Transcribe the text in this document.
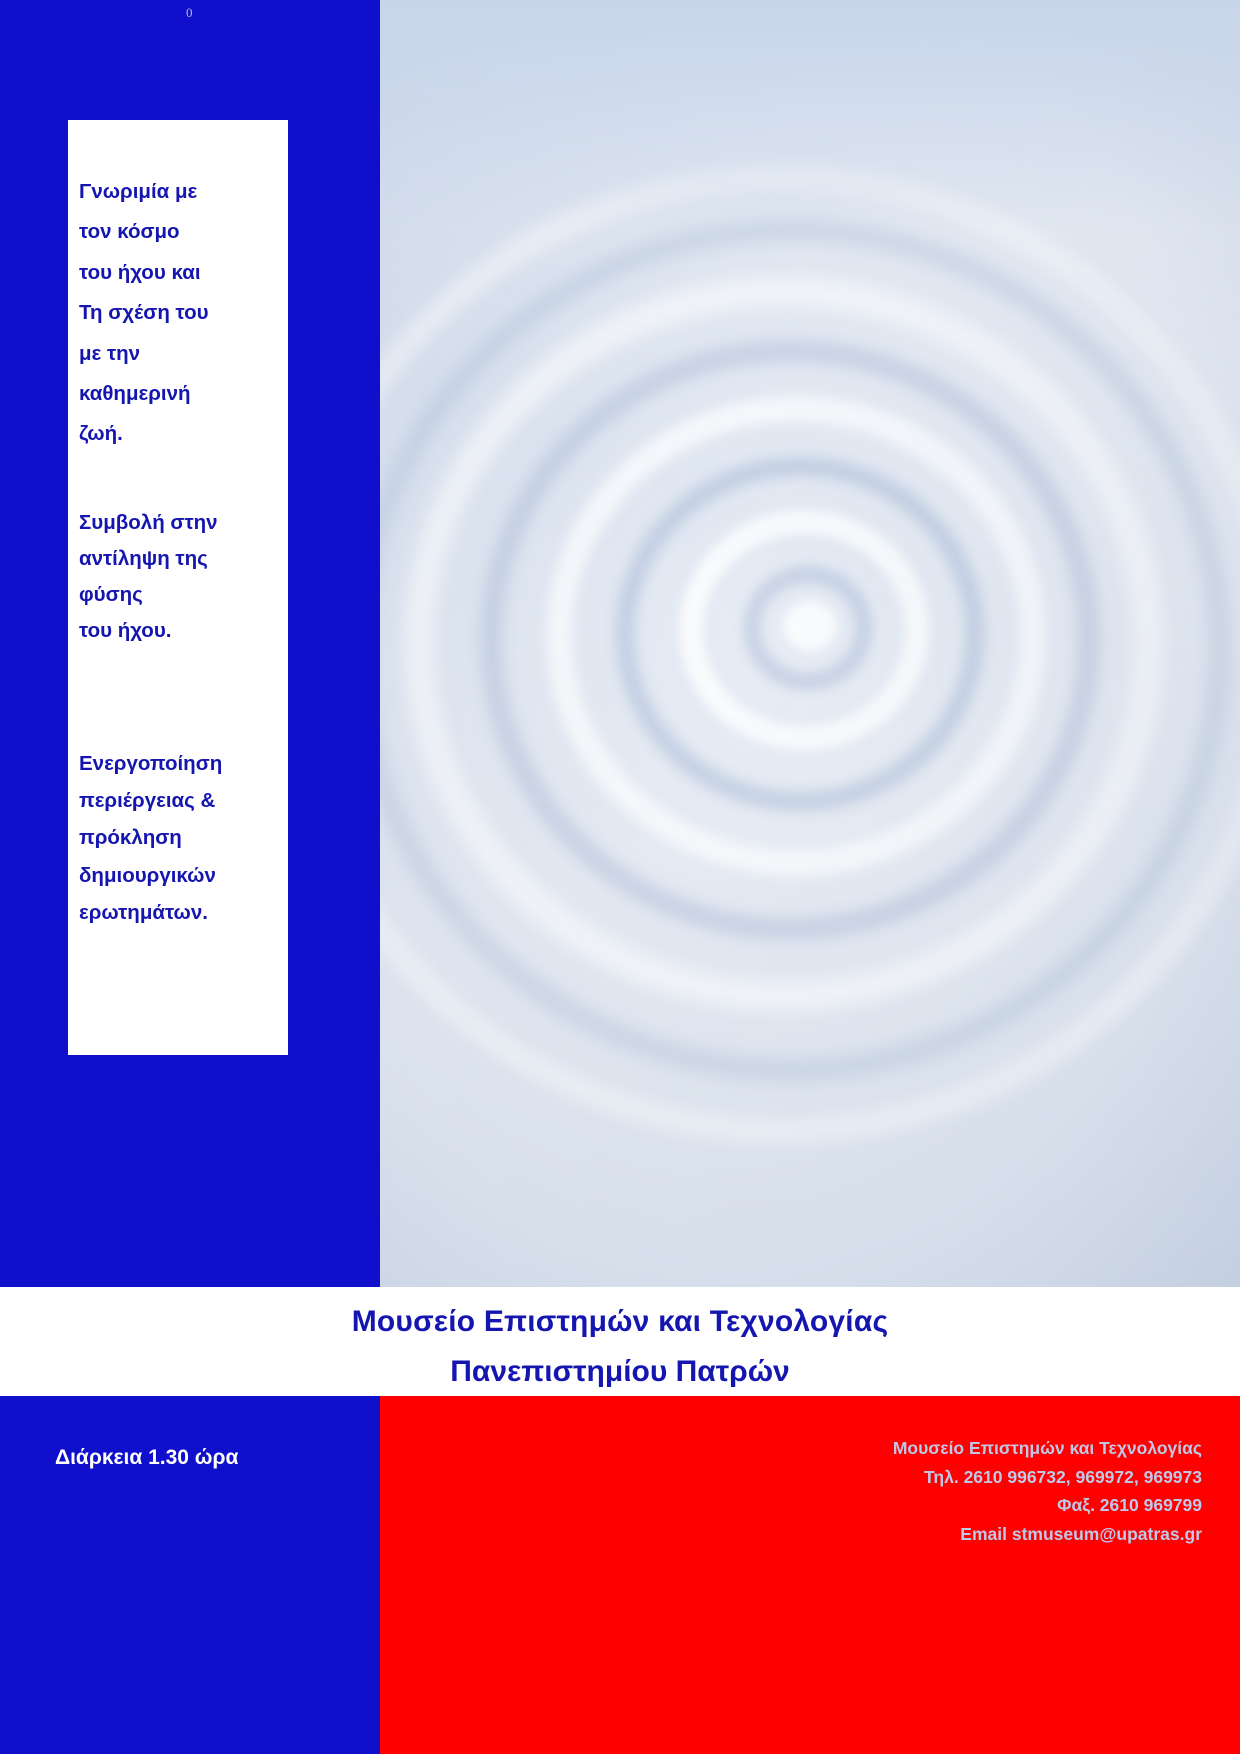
0

Γνωριμία με

τον κόσμο

του ήχου και

Τη σχέση του

με την

καθημερινή

ζωή.

Συμβολή στην

αντίληψη της

φύσης

του ήχου.

Ενεργοποίηση

περιέργειας &

πρόκληση

δημιουργικών

ερωτημάτων.

Μουσείο Επιστημών και Τεχνολογίας
Πανεπιστημίου Πατρών
Διάρκεια 1.30 ώρα	Μουσείο Επιστημών και Τεχνολογίας
Τηλ. 2610 996732, 969972, 969973
Φαξ. 2610 969799
Email stmuseum@upatras.gr
